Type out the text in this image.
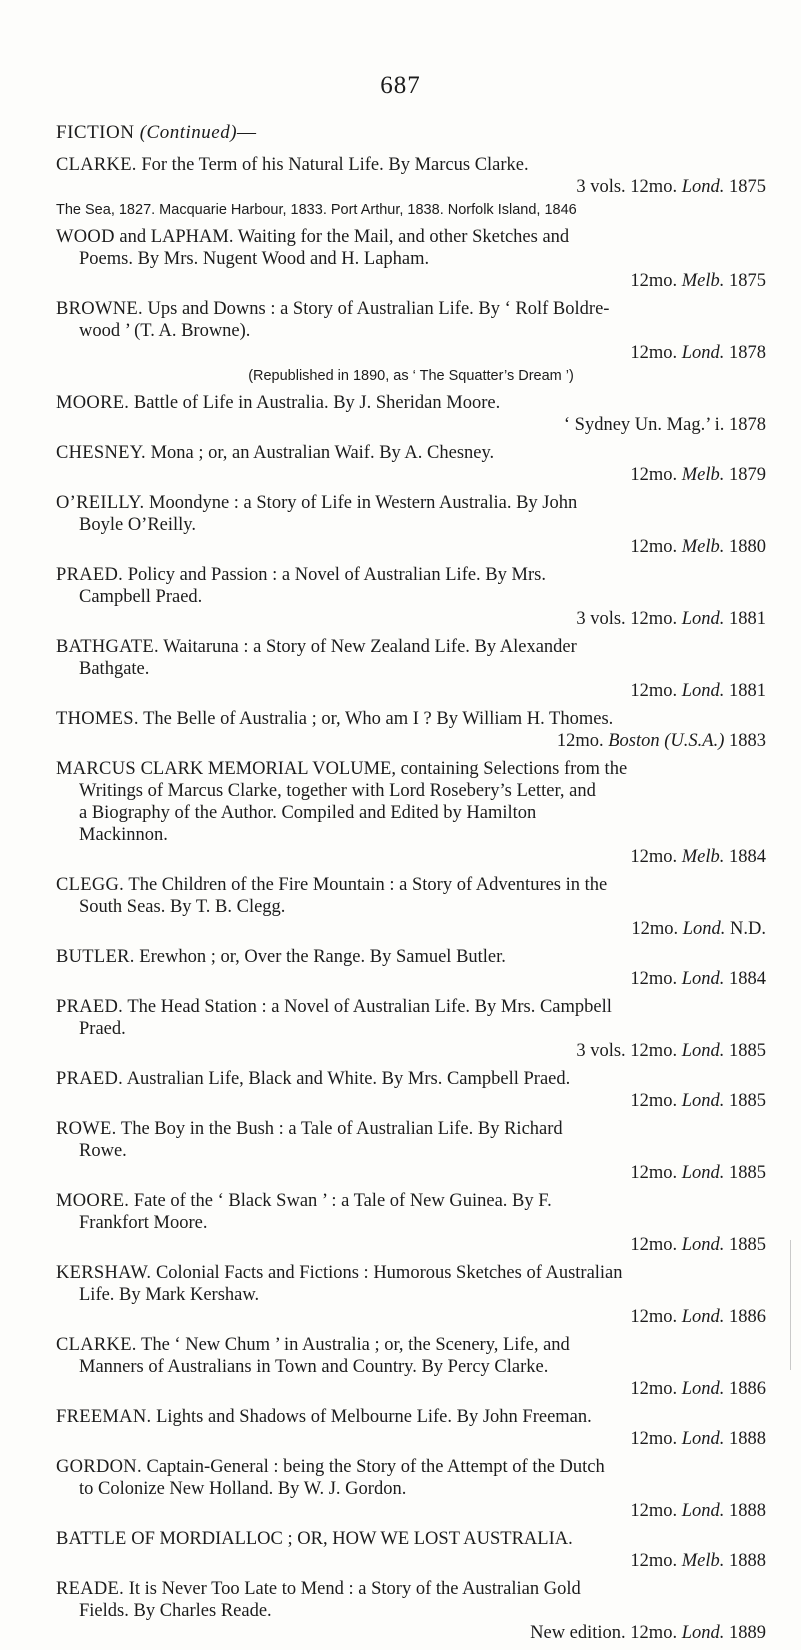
687
FICTION (Continued)—
CLARKE. For the Term of his Natural Life. By Marcus Clarke.
3 vols. 12mo. Lond. 1875
The Sea, 1827. Macquarie Harbour, 1833. Port Arthur, 1838. Norfolk Island, 1846
WOOD and LAPHAM. Waiting for the Mail, and other Sketches and
Poems. By Mrs. Nugent Wood and H. Lapham.
12mo. Melb. 1875
BROWNE. Ups and Downs : a Story of Australian Life. By ‘ Rolf Boldre-
wood ’ (T. A. Browne).
12mo. Lond. 1878
(Republished in 1890, as ‘ The Squatter’s Dream ’)
MOORE. Battle of Life in Australia. By J. Sheridan Moore.
‘ Sydney Un. Mag.’ i. 1878
CHESNEY. Mona ; or, an Australian Waif. By A. Chesney.
12mo. Melb. 1879
O’REILLY. Moondyne : a Story of Life in Western Australia. By John
Boyle O’Reilly.
12mo. Melb. 1880
PRAED. Policy and Passion : a Novel of Australian Life. By Mrs.
Campbell Praed.
3 vols. 12mo. Lond. 1881
BATHGATE. Waitaruna : a Story of New Zealand Life. By Alexander
Bathgate.
12mo. Lond. 1881
THOMES. The Belle of Australia ; or, Who am I ? By William H. Thomes.
12mo. Boston (U.S.A.) 1883
MARCUS CLARK MEMORIAL VOLUME, containing Selections from the
Writings of Marcus Clarke, together with Lord Rosebery’s Letter, and
a Biography of the Author. Compiled and Edited by Hamilton
Mackinnon.
12mo. Melb. 1884
CLEGG. The Children of the Fire Mountain : a Story of Adventures in the
South Seas. By T. B. Clegg.
12mo. Lond. N.D.
BUTLER. Erewhon ; or, Over the Range. By Samuel Butler.
12mo. Lond. 1884
PRAED. The Head Station : a Novel of Australian Life. By Mrs. Campbell
Praed.
3 vols. 12mo. Lond. 1885
PRAED. Australian Life, Black and White. By Mrs. Campbell Praed.
12mo. Lond. 1885
ROWE. The Boy in the Bush : a Tale of Australian Life. By Richard
Rowe.
12mo. Lond. 1885
MOORE. Fate of the ‘ Black Swan ’ : a Tale of New Guinea. By F.
Frankfort Moore.
12mo. Lond. 1885
KERSHAW. Colonial Facts and Fictions : Humorous Sketches of Australian
Life. By Mark Kershaw.
12mo. Lond. 1886
CLARKE. The ‘ New Chum ’ in Australia ; or, the Scenery, Life, and
Manners of Australians in Town and Country. By Percy Clarke.
12mo. Lond. 1886
FREEMAN. Lights and Shadows of Melbourne Life. By John Freeman.
12mo. Lond. 1888
GORDON. Captain-General : being the Story of the Attempt of the Dutch
to Colonize New Holland. By W. J. Gordon.
12mo. Lond. 1888
BATTLE OF MORDIALLOC ; OR, HOW WE LOST AUSTRALIA.
12mo. Melb. 1888
READE. It is Never Too Late to Mend : a Story of the Australian Gold
Fields. By Charles Reade.
New edition. 12mo. Lond. 1889
